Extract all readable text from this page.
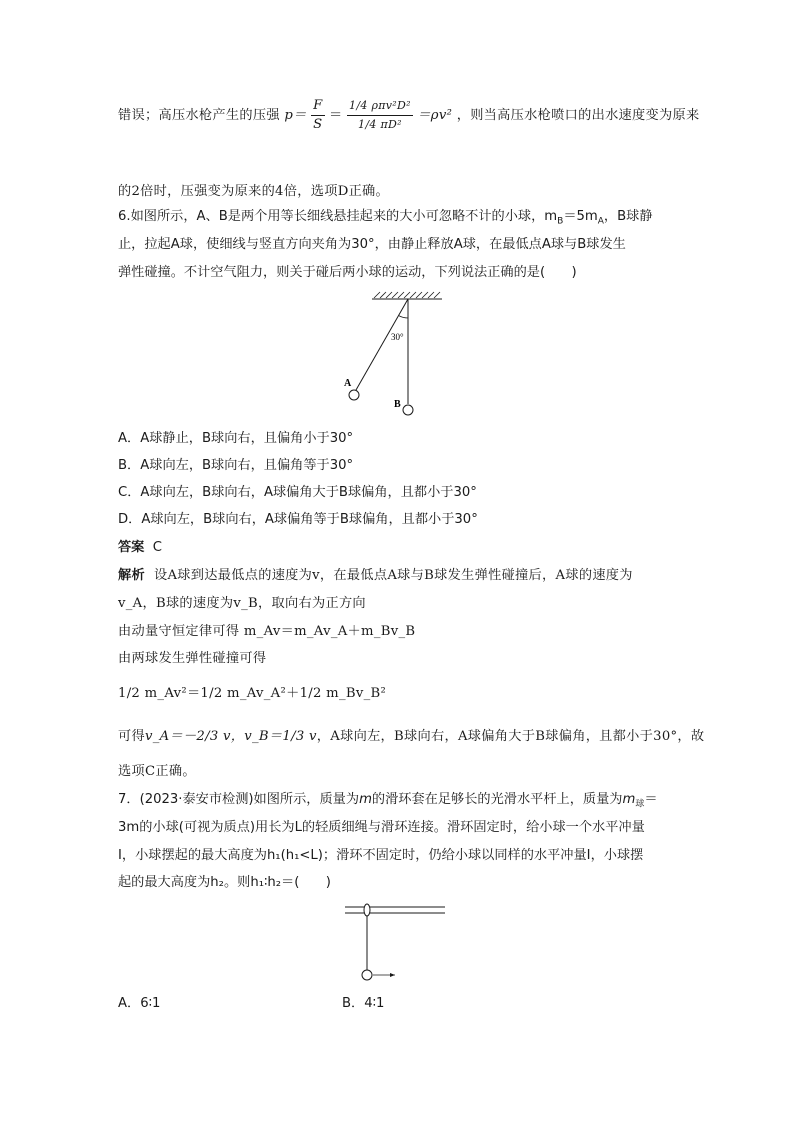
错误；高压水枪产生的压强 $p= \frac{F}{S} = \frac{\text{1/4 ρπv²D²}}{\text{1/4 πD²}} =\rho v^2$ ，则当高压水枪喷口的出水速度变为原来
的2倍时，压强变为原来的4倍，选项D正确。
6.如图所示，A、B是两个用等长细线悬挂起来的大小可忽略不计的小球，$m_B=5m_A$，B球静
止，拉起A球，使细线与竖直方向夹角为30°，由静止释放A球，在最低点A球与B球发生
弹性碰撞。不计空气阻力，则关于碰后两小球的运动，下列说法正确的是(　　)
30°
A
B
A．A球静止，B球向右，且偏角小于30°
B．A球向左，B球向右，且偏角等于30°
C．A球向左，B球向右，A球偏角大于B球偏角，且都小于30°
D．A球向左，B球向右，A球偏角等于B球偏角，且都小于30°
答案 C
解析 设A球到达最低点的速度为v，在最低点A球与B球发生弹性碰撞后，A球的速度为
v_A，B球的速度为v_B，取向右为正方向
由动量守恒定律可得 m_Av＝m_Av_A＋m_Bv_B
由两球发生弹性碰撞可得
1/2 m_Av²＝1/2 m_Av_A²＋1/2 m_Bv_B²
可得v_A＝－2/3 v，v_B＝1/3 v，A球向左，B球向右，A球偏角大于B球偏角，且都小于30°，故
选项C正确。
7．(2023·泰安市检测)如图所示，质量为m的滑环套在足够长的光滑水平杆上，质量为$m_球=$
3m的小球(可视为质点)用长为L的轻质细绳与滑环连接。滑环固定时，给小球一个水平冲量
I，小球摆起的最大高度为h₁(h₁<L)；滑环不固定时，仍给小球以同样的水平冲量I，小球摆
起的最大高度为h₂。则h₁∶h₂＝(　　)
A．6∶1	B．4∶1
